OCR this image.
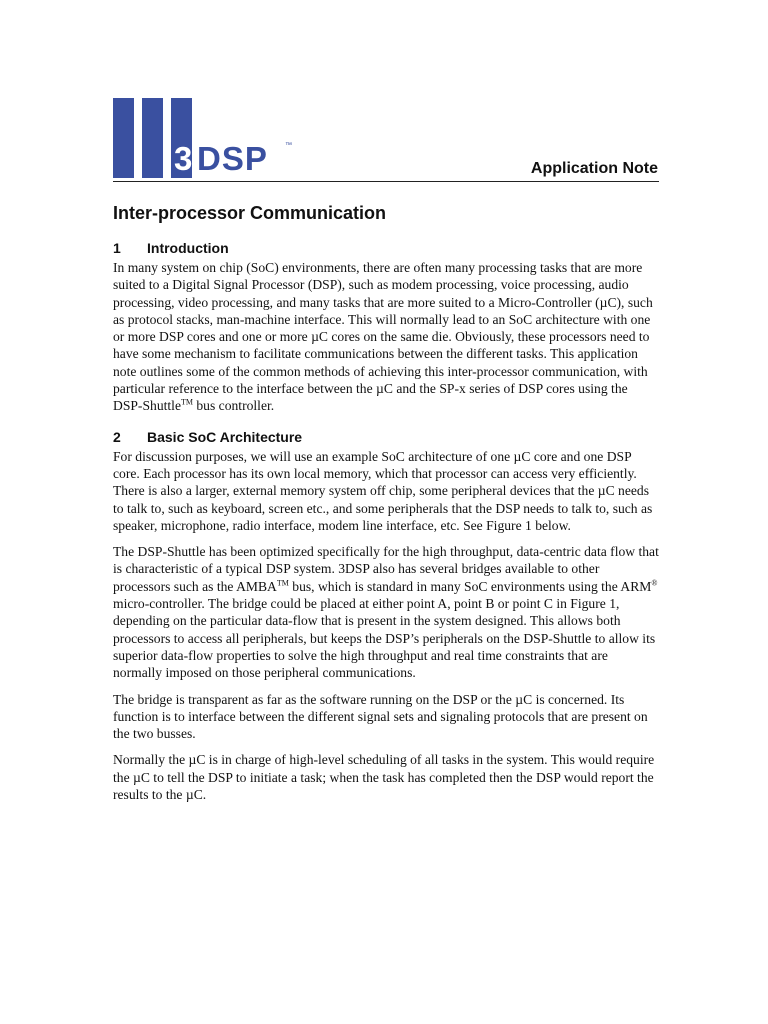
3 DSP ™
Application Note
Inter-processor Communication
1	Introduction

In many system on chip (SoC) environments, there are often many processing tasks that are more suited to a Digital Signal Processor (DSP), such as modem processing, voice processing, audio processing, video processing, and many tasks that are more suited to a Micro-Controller (µC), such as protocol stacks, man-machine interface. This will normally lead to an SoC architecture with one or more DSP cores and one or more µC cores on the same die. Obviously, these processors need to have some mechanism to facilitate communications between the different tasks. This application note outlines some of the common methods of achieving this inter-processor communication, with particular reference to the interface between the µC and the SP-x series of DSP cores using the DSP-Shuttle™ bus controller.

2	Basic SoC Architecture

For discussion purposes, we will use an example SoC architecture of one µC core and one DSP core. Each processor has its own local memory, which that processor can access very efficiently. There is also a larger, external memory system off chip, some peripheral devices that the µC needs to talk to, such as keyboard, screen etc., and some peripherals that the DSP needs to talk to, such as speaker, microphone, radio interface, modem line interface, etc. See Figure 1 below.

The DSP-Shuttle has been optimized specifically for the high throughput, data-centric data flow that is characteristic of a typical DSP system. 3DSP also has several bridges available to other processors such as the AMBA™ bus, which is standard in many SoC environments using the ARM® micro-controller. The bridge could be placed at either point A, point B or point C in Figure 1, depending on the particular data-flow that is present in the system designed. This allows both processors to access all peripherals, but keeps the DSP’s peripherals on the DSP-Shuttle to allow its superior data-flow properties to solve the high throughput and real time constraints that are normally imposed on those peripheral communications.

The bridge is transparent as far as the software running on the DSP or the µC is concerned. Its function is to interface between the different signal sets and signaling protocols that are present on the two busses.

Normally the µC is in charge of high-level scheduling of all tasks in the system. This would require the µC to tell the DSP to initiate a task; when the task has completed then the DSP would report the results to the µC.
